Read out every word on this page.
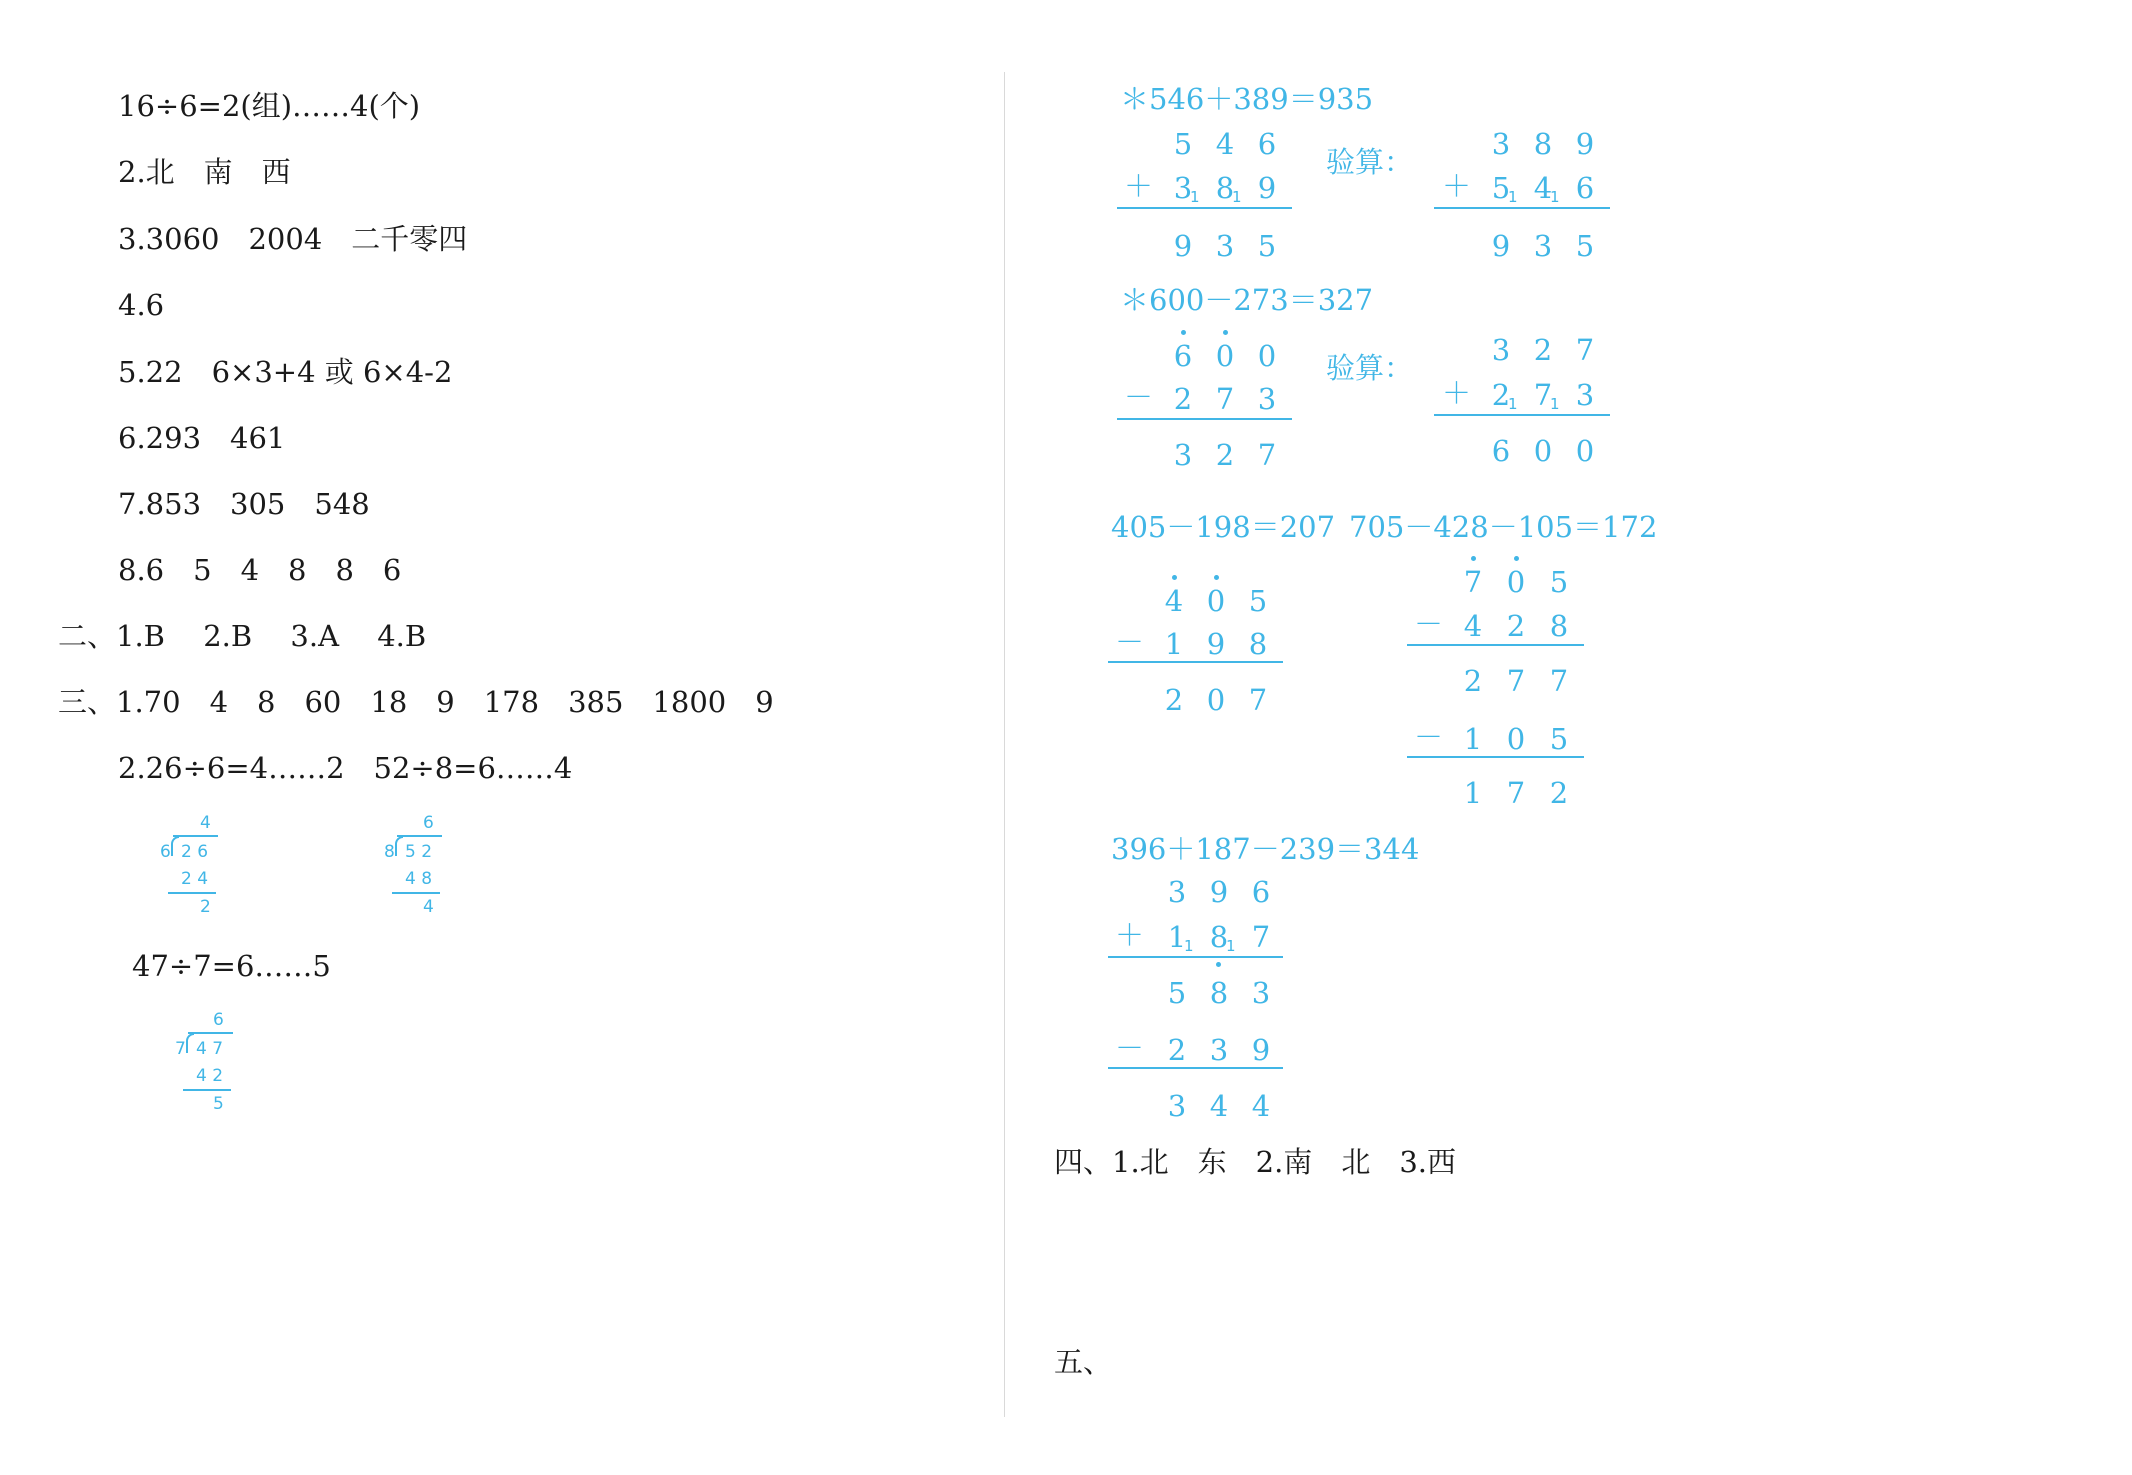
16÷6=2(组)……4(个)
2.北　南　西
3.3060　2004　二千零四
4.6
5.22　6×3+4 或 6×4-2
6.293　461
7.853　305　548
8.6　5　4　8　8　6
二、1.B　 2.B　 3.A　 4.B
三、1.70　4　8　60　18　9　178　385　1800　9
2.26÷6=4……2　52÷8=6……4
47÷7=6……5
4
6 2 6
2 4
2
6
8 5 2
4 8
4
6
7 4 7
4 2
5
＊546＋389＝935
5 4 6
＋ 3
1 8
1 9
9 3 5
验算：
3 8 9
＋ 5
1 4
1 6
9 3 5
＊600－273＝327
6 0 0
－ 2 7 3
3 2 7
验算：
3 2 7
＋ 2
1 7
1 3
6 0 0
405－198＝207
4 0 5
－ 1 9 8
2 0 7
705－428－105＝172
7 0 5
－ 4 2 8
2 7 7
－ 1 0 5
1 7 2
396＋187－239＝344
3 9 6
＋ 1
1 8
1 7
5 8 3
－ 2 3 9
3 4 4
四、1.北　东　2.南　北　3.西
五、
